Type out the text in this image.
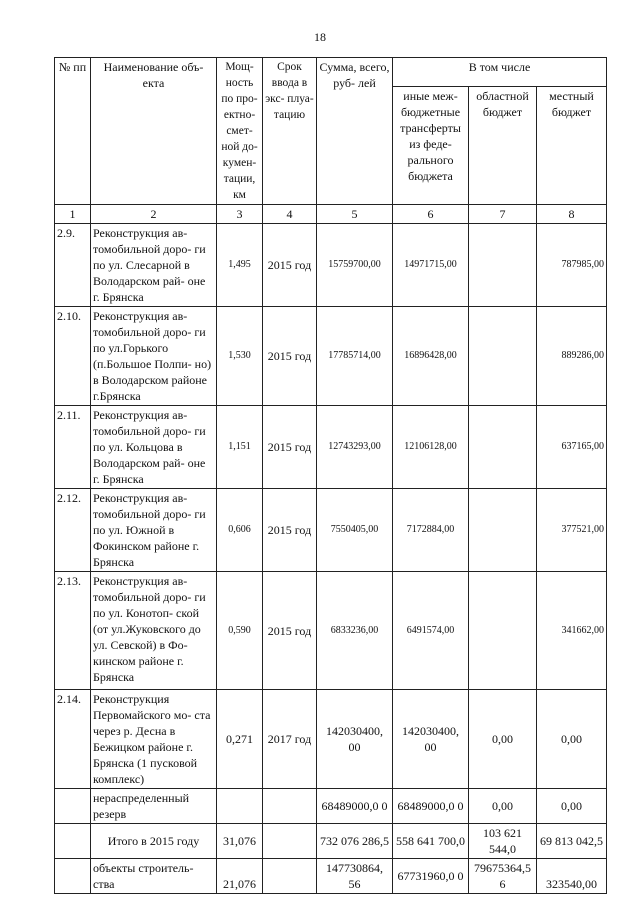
18
№ пп	Наименование объ- екта	Мощ- ность по про- ектно- смет- ной до- кумен- тации, км	Срок ввода в экс- плуа- тацию	Сумма, всего, руб- лей	В том числе		
					иные меж- бюджетные трансферты из феде- рального бюджета	областной бюджет	местный бюджет
1	2	3	4	5	6	7	8
2.9.	Реконструкция ав- томобильной доро- ги по ул. Слесарной в Володарском рай- оне г. Брянска	1,495	2015 год	15759700,00	14971715,00		787985,00
2.10.	Реконструкция ав- томобильной доро- ги по ул.Горького (п.Большое Полпи- но) в Володарском районе г.Брянска	1,530	2015 год	17785714,00	16896428,00		889286,00
2.11.	Реконструкция ав- томобильной доро- ги по ул. Кольцова в Володарском рай- оне г. Брянска	1,151	2015 год	12743293,00	12106128,00		637165,00
2.12.	Реконструкция ав- томобильной доро- ги по ул. Южной в Фокинском районе г. Брянска	0,606	2015 год	7550405,00	7172884,00		377521,00
2.13.	Реконструкция ав- томобильной доро- ги по ул. Конотоп- ской (от ул.Жуковского до ул. Севской) в Фо- кинском районе г. Брянска	0,590	2015 год	6833236,00	6491574,00		341662,00
2.14.	Реконструкция Первомайского мо- ста через р. Десна в Бежицком районе г. Брянска (1 пусковой комплекс)	0,271	2017 год	142030400, 00	142030400, 00	0,00	0,00
	нераспределенный резерв			68489000,0 0	68489000,0 0	0,00	0,00
	Итого в 2015 году	31,076		732 076 286,5	558 641 700,0	103 621 544,0	69 813 042,5
	объекты строитель- ства	21,076		147730864, 56	67731960,0 0	79675364,5 6	323540,00
